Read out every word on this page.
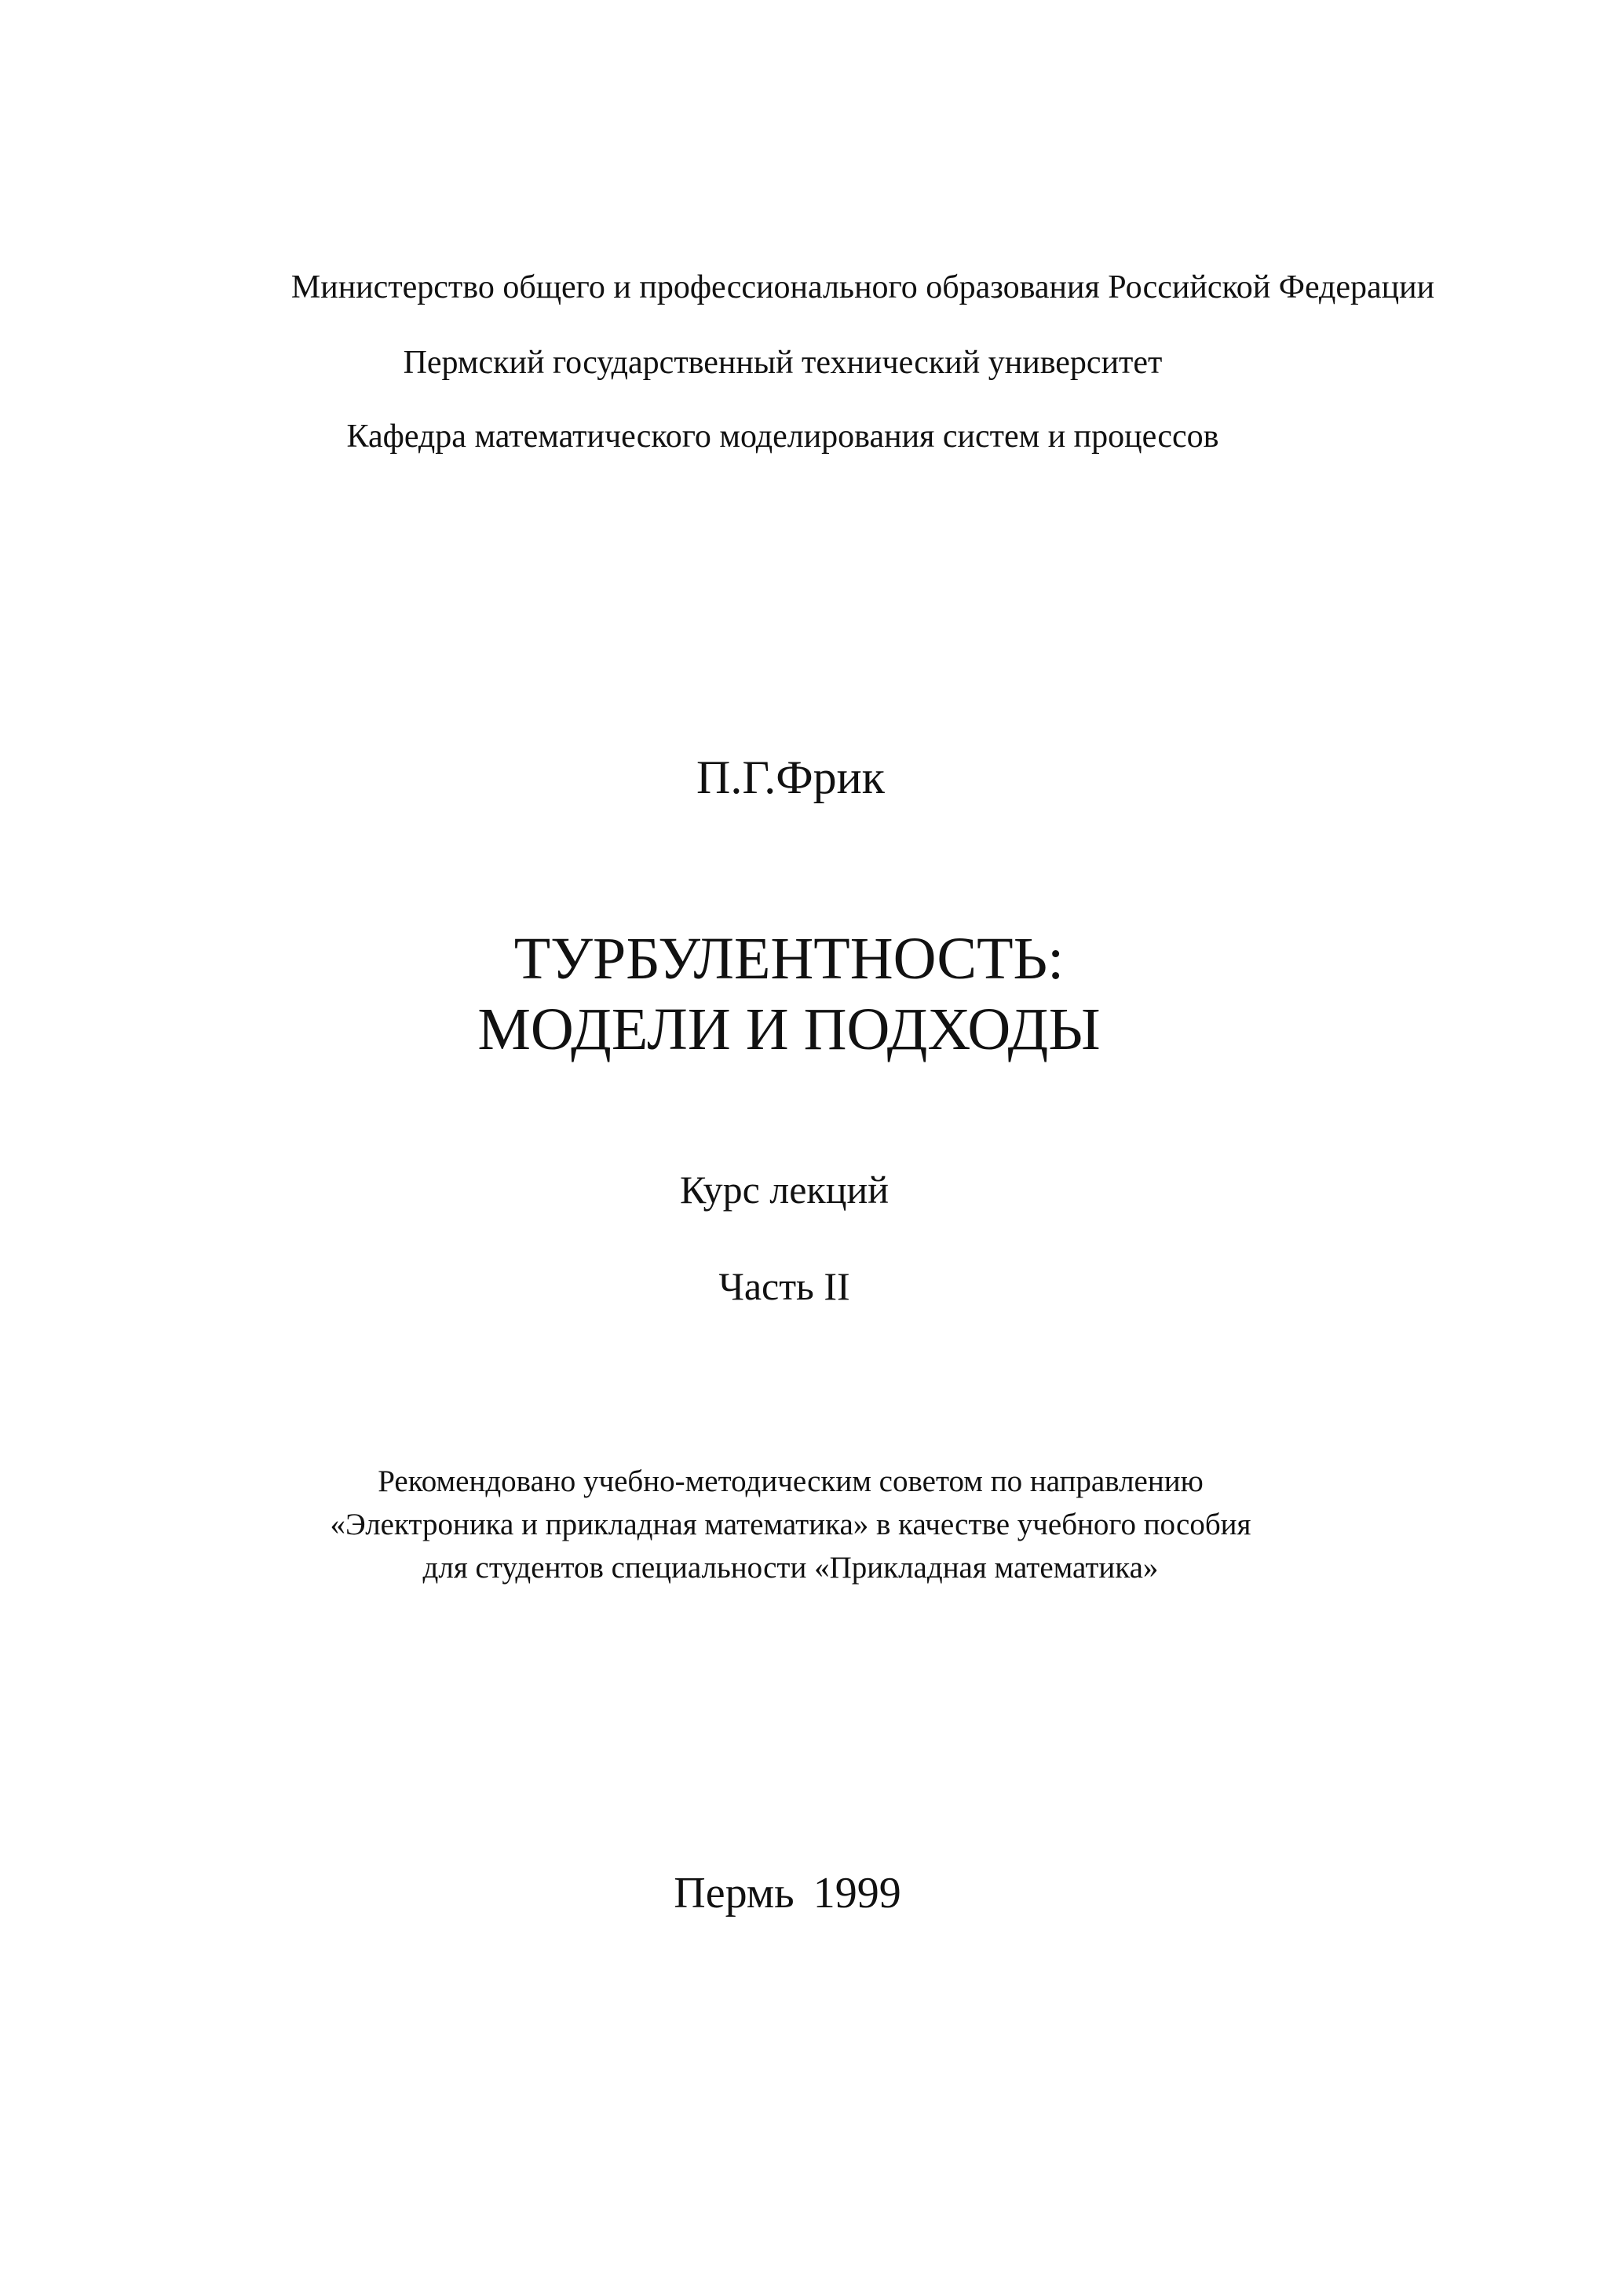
Министерство общего и профессионального образования Российской Федерации
Пермский государственный технический университет
Кафедра математического моделирования систем и процессов
П.Г.Фрик
ТУРБУЛЕНТНОСТЬ:
МОДЕЛИ И ПОДХОДЫ
Курс лекций
Часть II
Рекомендовано учебно-методическим советом по направлению
«Электроника и прикладная математика» в качестве учебного пособия
для студентов специальности «Прикладная математика»
Пермь 1999
